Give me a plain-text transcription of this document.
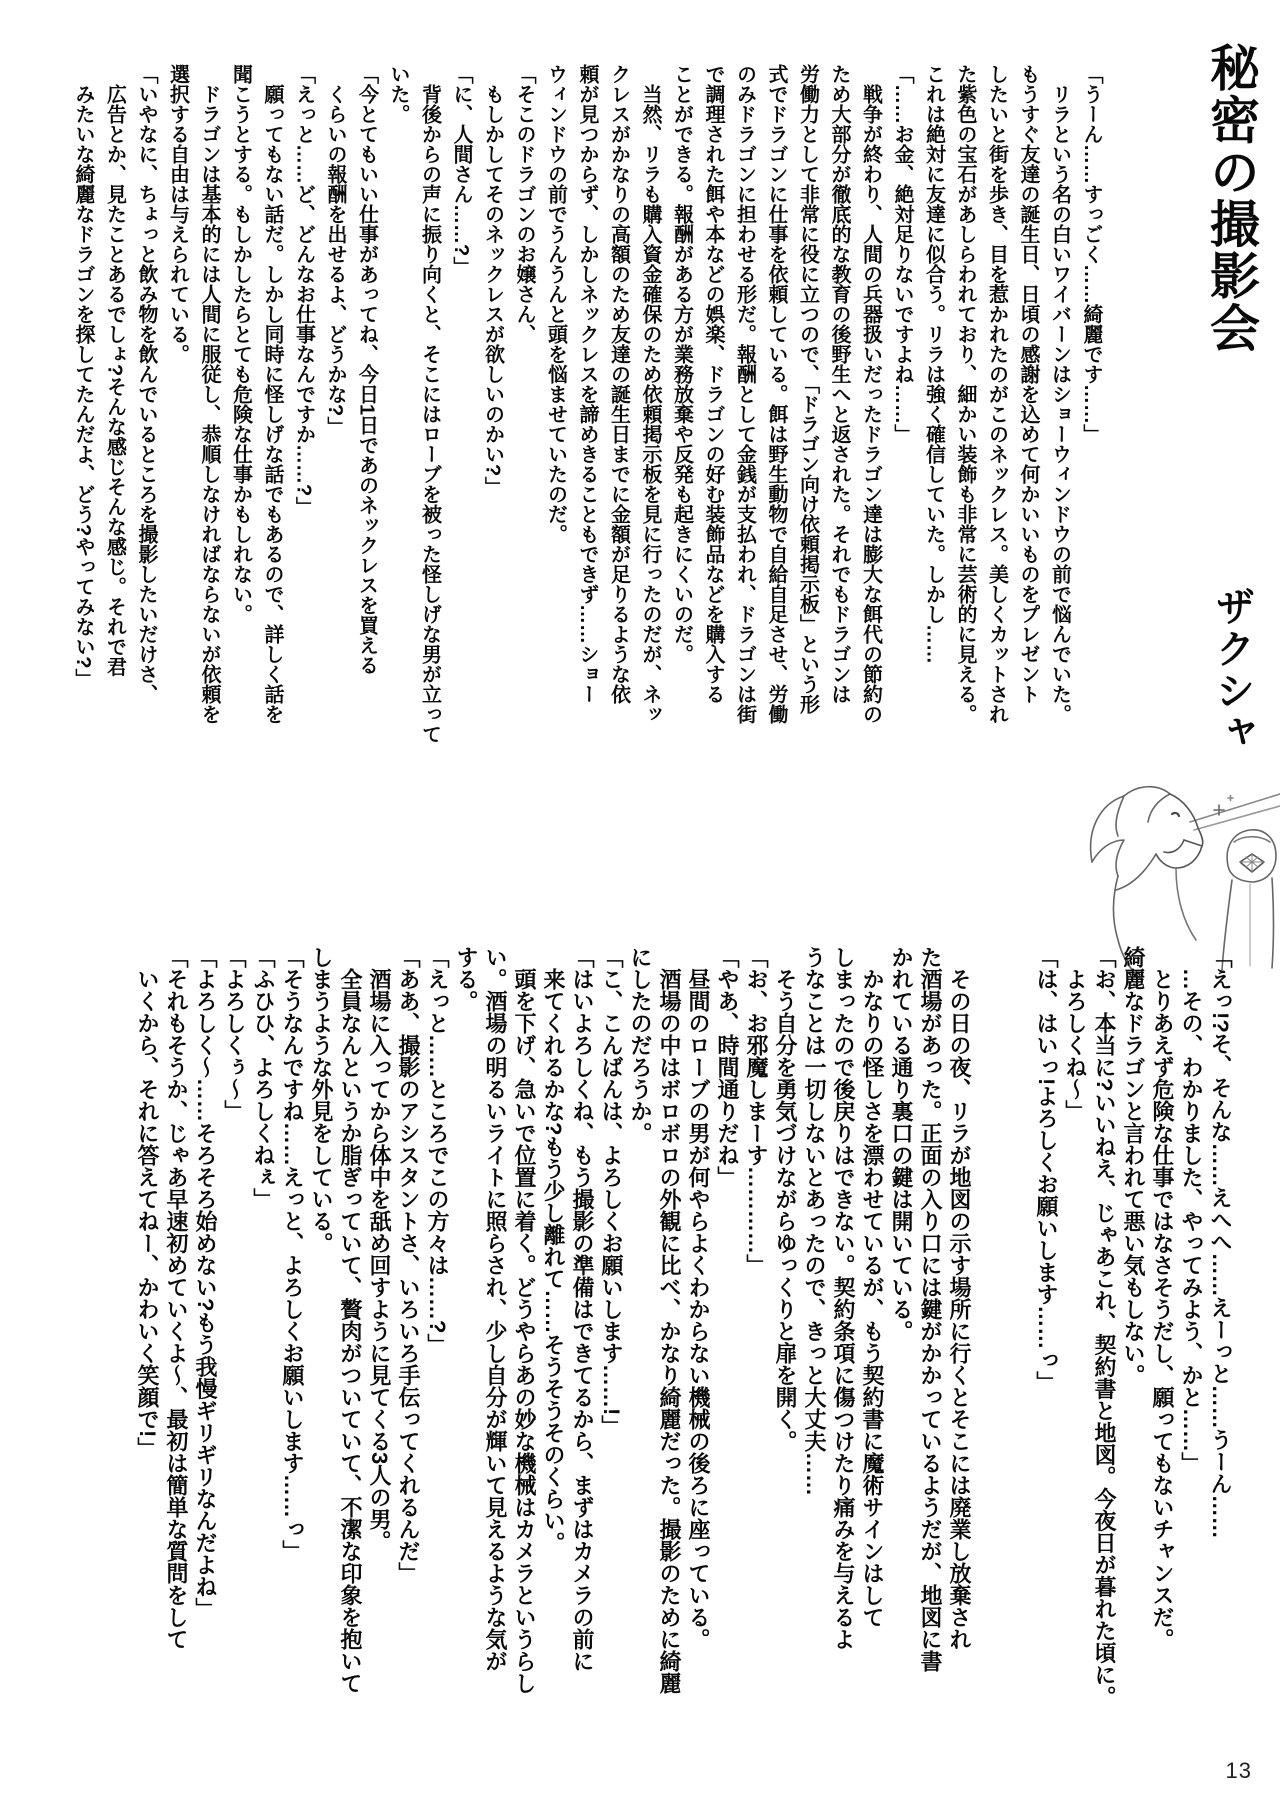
秘密の撮影会
ザクシャ

「うーん……すっごく……綺麗です……」

　リラという名の白いワイバーンはショーウィンドウの前で悩んでいた。

もうすぐ友達の誕生日、日頃の感謝を込めて何かいいものをプレゼント

したいと街を歩き、目を惹かれたのがこのネックレス。美しくカットされ

た紫色の宝石があしらわれており、細かい装飾も非常に芸術的に見える。

これは絶対に友達に似合う。リラは強く確信していた。しかし……

「……お金、絶対足りないですよね……」

　戦争が終わり、人間の兵器扱いだったドラゴン達は膨大な餌代の節約の

ため大部分が徹底的な教育の後野生へと返された。それでもドラゴンは

労働力として非常に役に立つので、「ドラゴン向け依頼掲示板」という形

式でドラゴンに仕事を依頼している。餌は野生動物で自給自足させ、労働

のみドラゴンに担わせる形だ。報酬として金銭が支払われ、ドラゴンは街

で調理された餌や本などの娯楽、ドラゴンの好む装飾品などを購入する

ことができる。報酬がある方が業務放棄や反発も起きにくいのだ。

　当然、リラも購入資金確保のため依頼掲示板を見に行ったのだが、ネッ

クレスがかなりの高額のため友達の誕生日までに金額が足りるような依

頼が見つからず、しかしネックレスを諦めきることもできず……ショー

ウィンドウの前でうんうんと頭を悩ませていたのだ。

「そこのドラゴンのお嬢さん、

　もしかしてそのネックレスが欲しいのかい?」

「に、人間さん……?」

　背後からの声に振り向くと、そこにはローブを被った怪しげな男が立って

いた。

「今とてもいい仕事があってね、今日1日であのネックレスを買える

　くらいの報酬を出せるよ、どうかな?」

「えっと……ど、どんなお仕事なんですか……?」

　願ってもない話だ。しかし同時に怪しげな話でもあるので、詳しく話を

聞こうとする。もしかしたらとても危険な仕事かもしれない。

　ドラゴンは基本的には人間に服従し、恭順しなければならないが依頼を

選択する自由は与えられている。

「いやなに、ちょっと飲み物を飲んでいるところを撮影したいだけさ、

　広告とか、見たことあるでしょ?そんな感じそんな感じ。それで君

　みたいな綺麗なドラゴンを探してたんだよ、どう?やってみない?」

「えっ!?そ、そんな……えへへ……えーっと……うーん……

　…その、わかりました、やってみよう、かと……」

　とりあえず危険な仕事ではなさそうだし、願ってもないチャンスだ。

綺麗なドラゴンと言われて悪い気もしない。

「お、本当に?いいねえ、じゃあこれ、契約書と地図。今夜日が暮れた頃に。

　よろしくね〜」

「は、はいっ!よろしくお願いします……っ」

　その日の夜、リラが地図の示す場所に行くとそこには廃業し放棄され

た酒場があった。正面の入り口には鍵がかかっているようだが、地図に書

かれている通り裏口の鍵は開いている。

　かなりの怪しさを漂わせているが、もう契約書に魔術サインはして

しまったので後戻りはできない。契約条項に傷つけたり痛みを与えるよ

うなことは一切しないとあったので、きっと大丈夫……

　そう自分を勇気づけながらゆっくりと扉を開く。

「お、お邪魔しまーす…………」

「やあ、時間通りだね」

　昼間のローブの男が何やらよくわからない機械の後ろに座っている。

　酒場の中はボロボロの外観に比べ、かなり綺麗だった。撮影のために綺麗

にしたのだろうか。

「こ、こんばんは、よろしくお願いします……!」

「はいよろしくね、もう撮影の準備はできてるから、まずはカメラの前に

　来てくれるかな?もう少し離れて……そうそうそのくらい。

　頭を下げ、急いで位置に着く。どうやらあの妙な機械はカメラというらし

い。酒場の明るいライトに照らされ、少し自分が輝いて見えるような気が

する。

「えっと……ところでこの方々は……?」

「ああ、撮影のアシスタントさ、いろいろ手伝ってくれるんだ」

　酒場に入ってから体中を舐め回すように見てくる3人の男。

　全員なんというか脂ぎっていて、贅肉がついていて、不潔な印象を抱いて

しまうような外見をしている。

「そうなんですね……えっと、よろしくお願いします……っ」

「ふひひ、よろしくねぇ」

「よろしくぅ〜」

「よろしく〜……そろそろ始めない?もう我慢ギリギリなんだよね」

「それもそうか、じゃあ早速初めていくよ〜、最初は簡単な質問をして

　いくから、それに答えてねー、かわいく笑顔で!」

13
